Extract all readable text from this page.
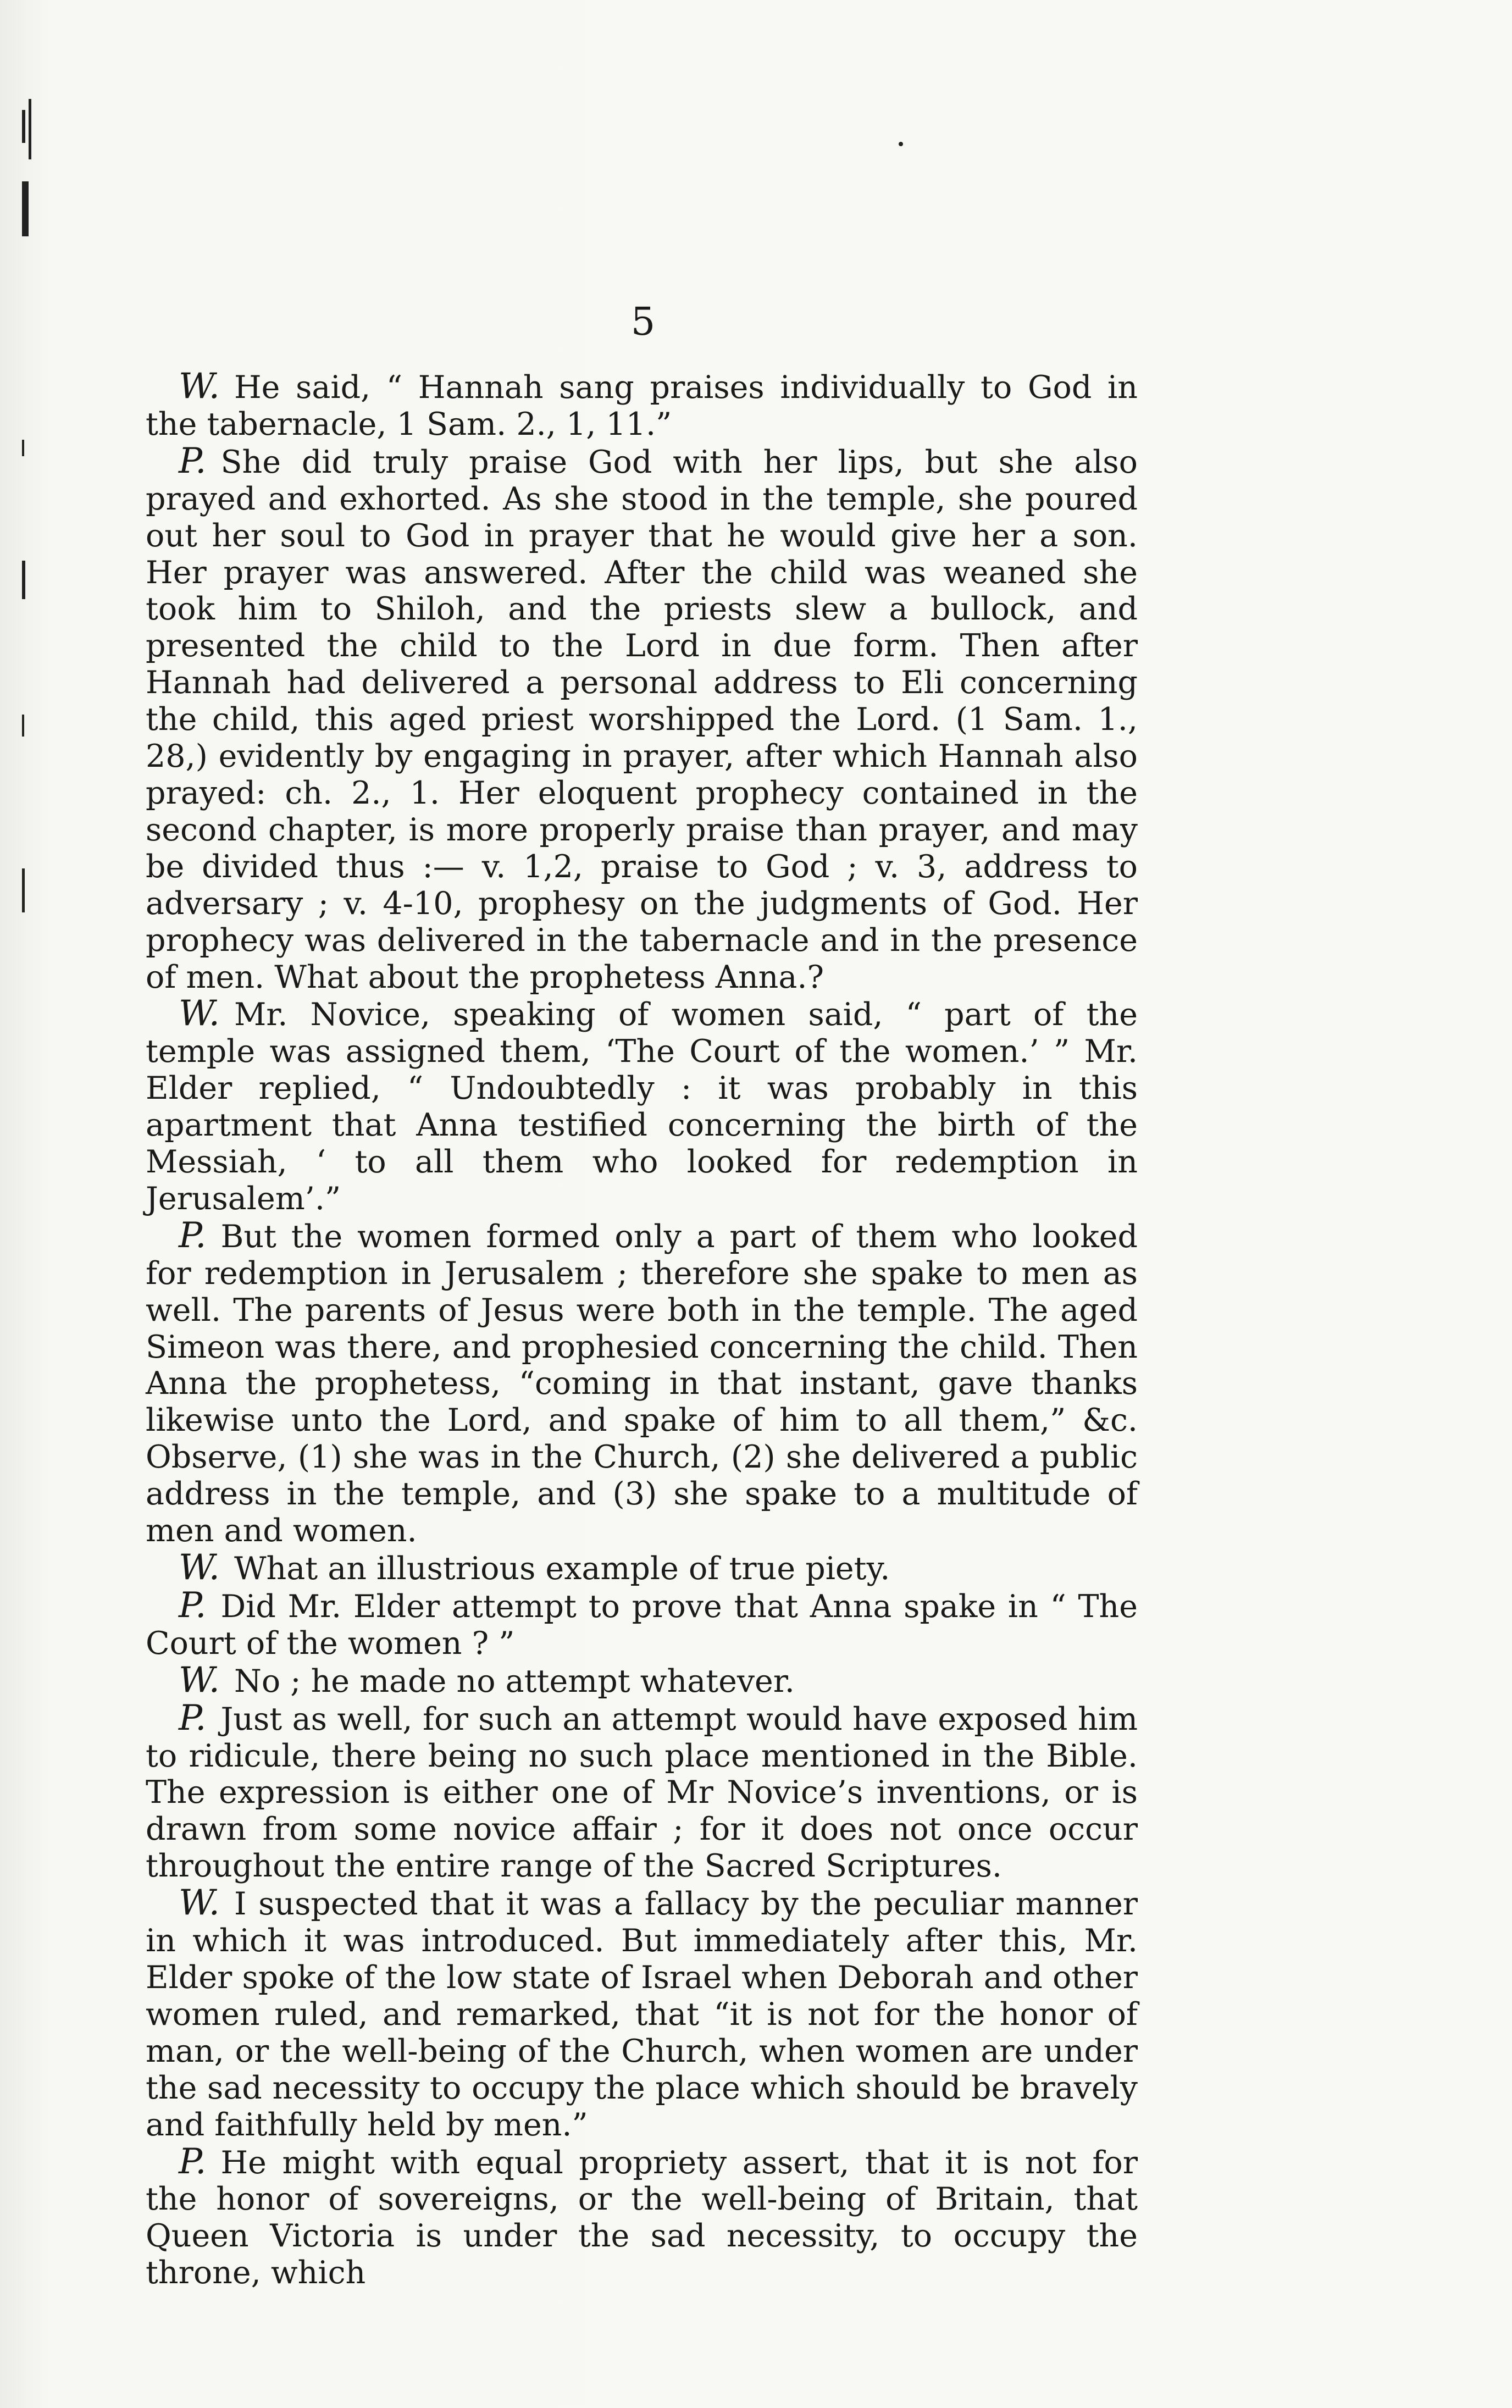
5

W. He said, “ Hannah sang praises individually to God in the tabernacle, 1 Sam. 2., 1, 11.”

P. She did truly praise God with her lips, but she also prayed and exhorted. As she stood in the temple, she poured out her soul to God in prayer that he would give her a son. Her prayer was answered. After the child was weaned she took him to Shiloh, and the priests slew a bullock, and presented the child to the Lord in due form. Then after Hannah had delivered a personal address to Eli concerning the child, this aged priest worshipped the Lord. (1 Sam. 1., 28,) evidently by engaging in prayer, after which Hannah also prayed: ch. 2., 1. Her eloquent prophecy contained in the second chapter, is more properly praise than prayer, and may be divided thus :— v. 1,2, praise to God ; v. 3, address to adversary ; v. 4-10, prophesy on the judgments of God. Her prophecy was delivered in the tabernacle and in the presence of men. What about the prophetess Anna.?

W. Mr. Novice, speaking of women said, “ part of the temple was assigned them, ‘The Court of the women.’ ” Mr. Elder replied, “ Undoubtedly : it was probably in this apartment that Anna testified concerning the birth of the Messiah, ‘ to all them who looked for redemption in Jerusalem’.”

P. But the women formed only a part of them who looked for redemption in Jerusalem ; therefore she spake to men as well. The parents of Jesus were both in the temple. The aged Simeon was there, and prophesied concerning the child. Then Anna the prophetess, “coming in that instant, gave thanks likewise unto the Lord, and spake of him to all them,” &c. Observe, (1) she was in the Church, (2) she delivered a public address in the temple, and (3) she spake to a multitude of men and women.

W. What an illustrious example of true piety.

P. Did Mr. Elder attempt to prove that Anna spake in “ The Court of the women ? ”

W. No ; he made no attempt whatever.

P. Just as well, for such an attempt would have exposed him to ridicule, there being no such place mentioned in the Bible. The expression is either one of Mr Novice’s inventions, or is drawn from some novice affair ; for it does not once occur throughout the entire range of the Sacred Scriptures.

W. I suspected that it was a fallacy by the peculiar manner in which it was introduced. But immediately after this, Mr. Elder spoke of the low state of Israel when Deborah and other women ruled, and remarked, that “it is not for the honor of man, or the well-being of the Church, when women are under the sad necessity to occupy the place which should be bravely and faithfully held by men.”

P. He might with equal propriety assert, that it is not for the honor of sovereigns, or the well-being of Britain, that Queen Victoria is under the sad necessity, to occupy the throne, which
